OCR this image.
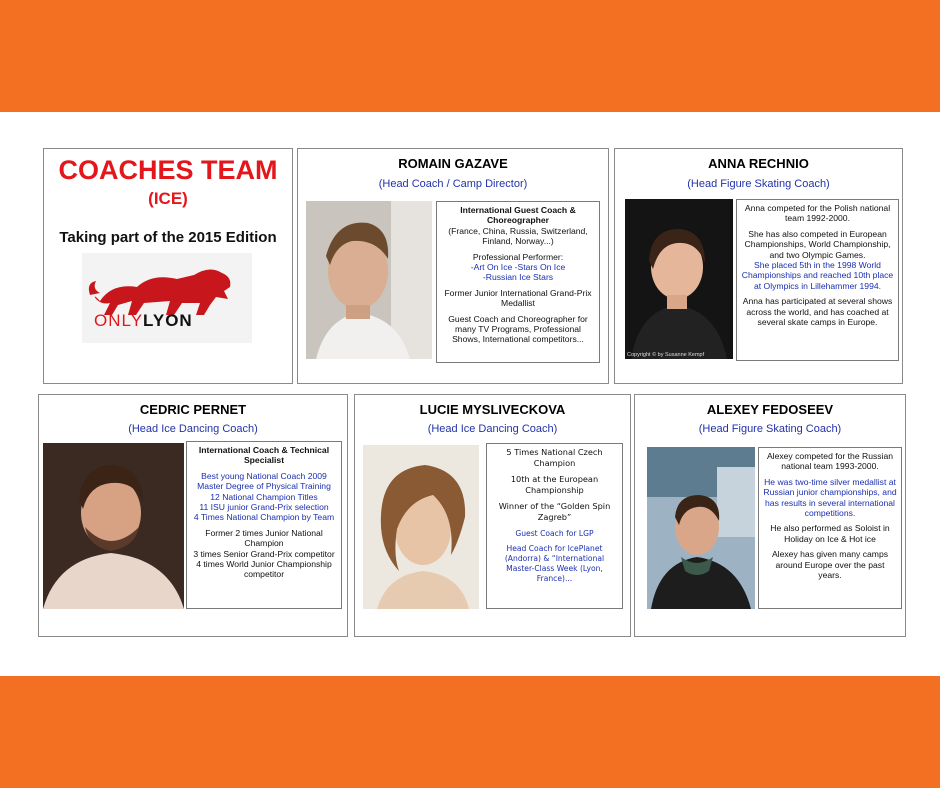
COACHES TEAM
(ICE)
Taking part of the 2015 Edition
ONLYLYON
ROMAIN GAZAVE
(Head Coach / Camp Director)

International Guest Coach & Choreographer

(France, China, Russia, Switzerland, Finland, Norway...)

Professional Performer:

-Art On Ice -Stars On Ice

-Russian Ice Stars

Former Junior International Grand-Prix Medallist

Guest Coach and Choreographer for many TV Programs, Professional Shows, International competitors...

ANNA RECHNIO
(Head Figure Skating Coach)
Copyright © by Susanne Kempf

Anna competed for the Polish national team 1992-2000.

She has also competed in European Championships, World Championship, and two Olympic Games.

She placed 5th in the 1998 World Championships and reached 10th place at Olympics in Lillehammer 1994.

Anna has participated at several shows across the world, and has coached at several skate camps in Europe.

CEDRIC PERNET
(Head Ice Dancing Coach)

International Coach & Technical Specialist

Best young National Coach 2009

Master Degree of Physical Training

12 National Champion Titles

11 ISU junior Grand-Prix selection

4 Times National Champion by Team

Former 2 times Junior National Champion

3 times Senior Grand-Prix competitor

4 times World Junior Championship competitor

LUCIE MYSLIVECKOVA
(Head Ice Dancing Coach)

5 Times National Czech Champion

10th at the European Championship

Winner of the “Golden Spin Zagreb”

Guest Coach for LGP

Head Coach for IcePlanet (Andorra) & “International Master-Class Week (Lyon, France)...

ALEXEY FEDOSEEV
(Head Figure Skating Coach)

Alexey competed for the Russian national team 1993-2000.

He was two-time silver medallist at Russian junior championships, and has results in several international competitions.

He also performed as Soloist in Holiday on Ice & Hot ice

Alexey has given many camps around Europe over the past years.
